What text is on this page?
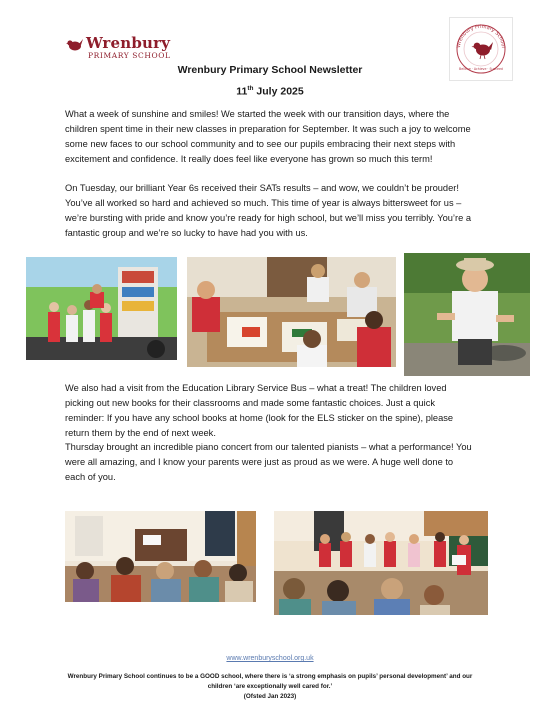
Wrenbury
PRIMARY SCHOOL
Wrenbury Primary School
Believe · Achieve · Succeed
Wrenbury Primary School Newsletter
11th July 2025

What a week of sunshine and smiles! We started the week with our transition days, where the children spent time in their new classes in preparation for September. It was such a joy to welcome some new faces to our school community and to see our pupils embracing their next steps with excitement and confidence. It really does feel like everyone has grown so much this term!

On Tuesday, our brilliant Year 6s received their SATs results – and wow, we couldn’t be prouder! You’ve all worked so hard and achieved so much. This time of year is always bittersweet for us – we’re bursting with pride and know you’re ready for high school, but we’ll miss you terribly. You’re a fantastic group and we’re so lucky to have had you with us.

We also had a visit from the Education Library Service Bus – what a treat! The children loved picking out new books for their classrooms and made some fantastic choices. Just a quick reminder: If you have any school books at home (look for the ELS sticker on the spine), please return them by the end of next week.

Thursday brought an incredible piano concert from our talented pianists – what a performance! You were all amazing, and I know your parents were just as proud as we were. A huge well done to each of you.

www.wrenburyschool.org.uk
Wrenbury Primary School continues to be a GOOD school, where there is ‘a strong emphasis on pupils’ personal development’ and our children ‘are exceptionally well cared for.’
(Ofsted Jan 2023)
